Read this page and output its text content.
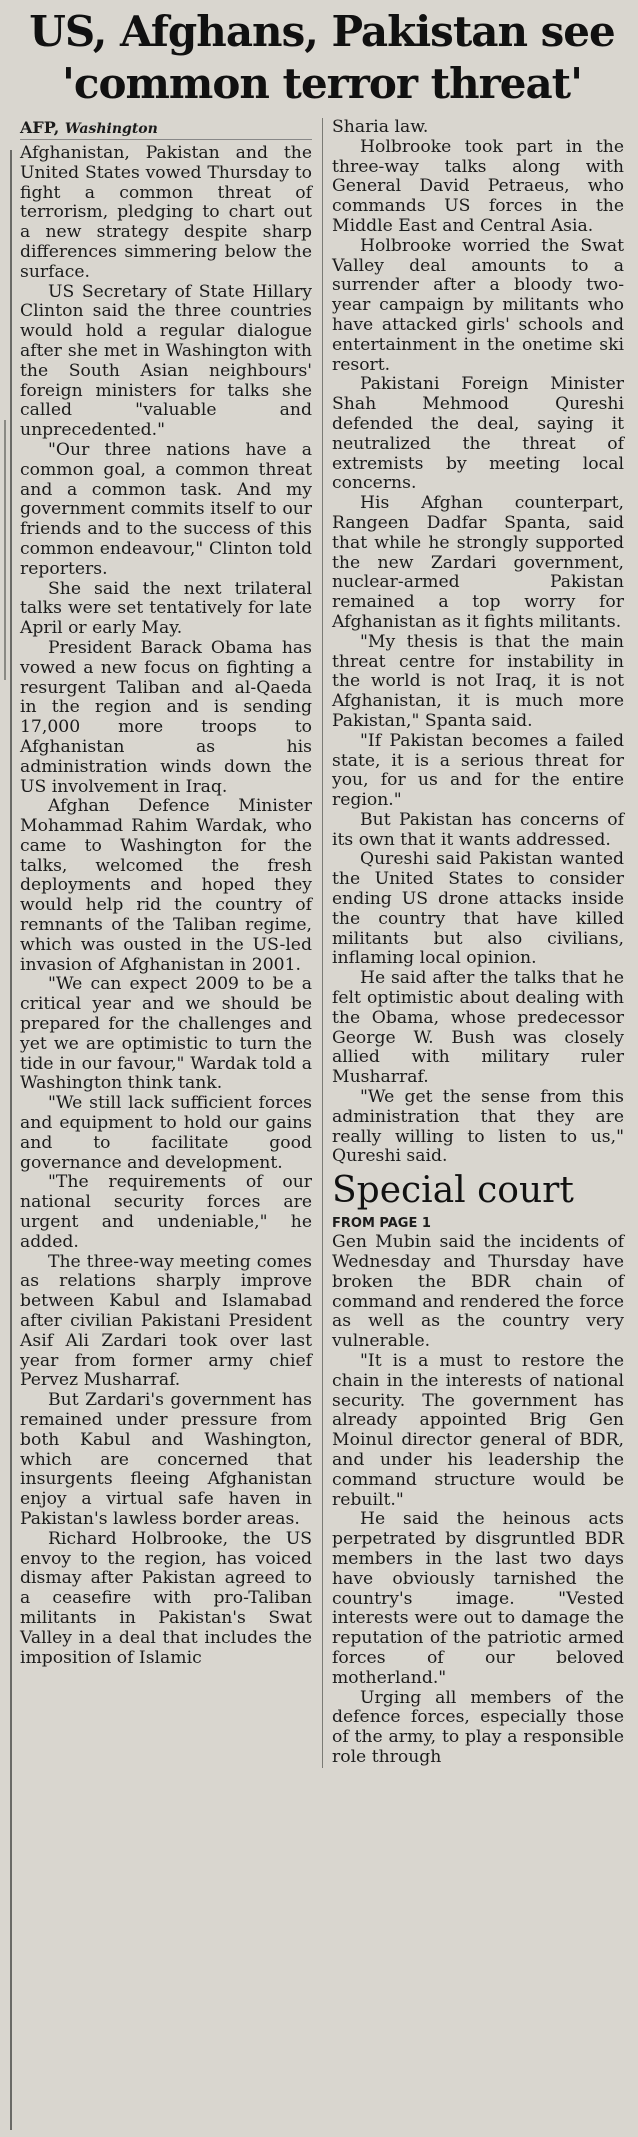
US, Afghans, Pakistan see 'common terror threat'
AFP, Washington

Afghanistan, Pakistan and the United States vowed Thursday to fight a common threat of terrorism, pledging to chart out a new strategy despite sharp differences simmering below the surface.

US Secretary of State Hillary Clinton said the three countries would hold a regular dialogue after she met in Washington with the South Asian neighbours' foreign ministers for talks she called "valuable and unprecedented."

"Our three nations have a common goal, a common threat and a common task. And my government commits itself to our friends and to the success of this common endeavour," Clinton told reporters.

She said the next trilateral talks were set tentatively for late April or early May.

President Barack Obama has vowed a new focus on fighting a resurgent Taliban and al-Qaeda in the region and is sending 17,000 more troops to Afghanistan as his administration winds down the US involvement in Iraq.

Afghan Defence Minister Mohammad Rahim Wardak, who came to Washington for the talks, welcomed the fresh deployments and hoped they would help rid the country of remnants of the Taliban regime, which was ousted in the US-led invasion of Afghanistan in 2001.

"We can expect 2009 to be a critical year and we should be prepared for the challenges and yet we are optimistic to turn the tide in our favour," Wardak told a Washington think tank.

"We still lack sufficient forces and equipment to hold our gains and to facilitate good governance and development.

"The requirements of our national security forces are urgent and undeniable," he added.

The three-way meeting comes as relations sharply improve between Kabul and Islamabad after civilian Pakistani President Asif Ali Zardari took over last year from former army chief Pervez Musharraf.

But Zardari's government has remained under pressure from both Kabul and Washington, which are concerned that insurgents fleeing Afghanistan enjoy a virtual safe haven in Pakistan's lawless border areas.

Richard Holbrooke, the US envoy to the region, has voiced dismay after Pakistan agreed to a ceasefire with pro-Taliban militants in Pakistan's Swat Valley in a deal that includes the imposition of Islamic

Sharia law.

Holbrooke took part in the three-way talks along with General David Petraeus, who commands US forces in the Middle East and Central Asia.

Holbrooke worried the Swat Valley deal amounts to a surrender after a bloody two-year campaign by militants who have attacked girls' schools and entertainment in the onetime ski resort.

Pakistani Foreign Minister Shah Mehmood Qureshi defended the deal, saying it neutralized the threat of extremists by meeting local concerns.

His Afghan counterpart, Rangeen Dadfar Spanta, said that while he strongly supported the new Zardari government, nuclear-armed Pakistan remained a top worry for Afghanistan as it fights militants.

"My thesis is that the main threat centre for instability in the world is not Iraq, it is not Afghanistan, it is much more Pakistan," Spanta said.

"If Pakistan becomes a failed state, it is a serious threat for you, for us and for the entire region."

But Pakistan has concerns of its own that it wants addressed.

Qureshi said Pakistan wanted the United States to consider ending US drone attacks inside the country that have killed militants but also civilians, inflaming local opinion.

He said after the talks that he felt optimistic about dealing with the Obama, whose predecessor George W. Bush was closely allied with military ruler Musharraf.

"We get the sense from this administration that they are really willing to listen to us," Qureshi said.

Special court

FROM PAGE 1

Gen Mubin said the incidents of Wednesday and Thursday have broken the BDR chain of command and rendered the force as well as the country very vulnerable.

"It is a must to restore the chain in the interests of national security. The government has already appointed Brig Gen Moinul director general of BDR, and under his leadership the command structure would be rebuilt."

He said the heinous acts perpetrated by disgruntled BDR members in the last two days have obviously tarnished the country's image. "Vested interests were out to damage the reputation of the patriotic armed forces of our beloved motherland."

Urging all members of the defence forces, especially those of the army, to play a responsible role through
